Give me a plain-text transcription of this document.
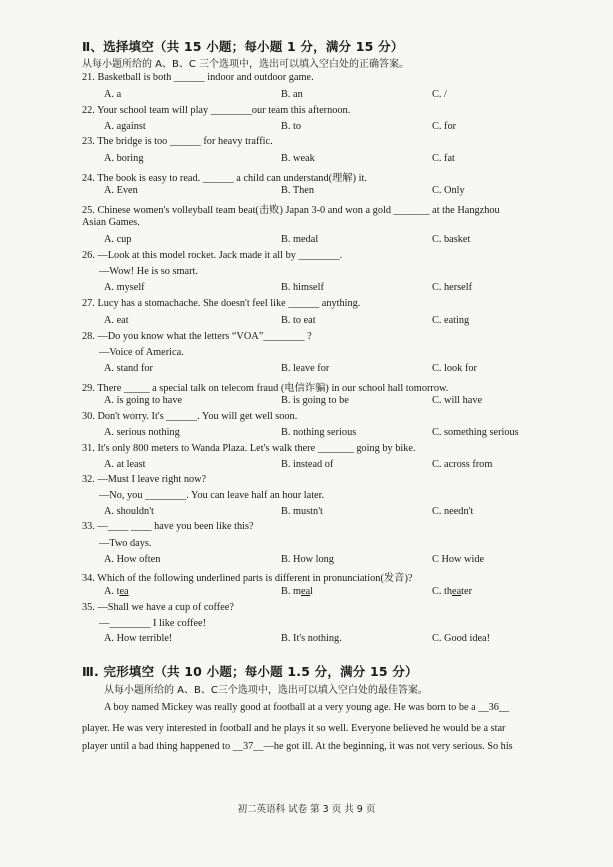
Ⅱ、选择填空（共 15 小题；每小题 1 分，满分 15 分）
从每小题所给的 A、B、C 三个选项中，选出可以填入空白处的正确答案。
21. Basketball is both ______ indoor and outdoor game.
A. a	B. an	C. /
22. Your school team will play ________our team this afternoon.
A. against	B. to	C. for
23. The bridge is too ______ for heavy traffic.
A. boring	B. weak	C. fat
24. The book is easy to read. ______ a child can understand(理解) it.
A. Even	B. Then	C. Only
25. Chinese women's volleyball team beat(击败) Japan 3-0 and won a gold _______ at the Hangzhou
Asian Games.
A. cup	B. medal	C. basket
26. —Look at this model rocket. Jack made it all by ________.
—Wow! He is so smart.
A. myself	B. himself	C. herself
27. Lucy has a stomachache. She doesn't feel like ______ anything.
A. eat	B. to eat	C. eating
28. —Do you know what the letters “VOA”________ ?
—Voice of America.
A. stand for	B. leave for	C. look for
29. There _____ a special talk on telecom fraud (电信诈骗) in our school hall tomorrow.
A. is going to have	B. is going to be	C. will have
30. Don't worry. It's ______. You will get well soon.
A. serious nothing	B. nothing serious	C. something serious
31. It's only 800 meters to Wanda Plaza. Let's walk there _______ going by bike.
A. at least	B. instead of	C. across from
32. —Must I leave right now?
—No, you ________. You can leave half an hour later.
A. shouldn't	B. mustn't	C. needn't
33. —____ ____ have you been like this?
—Two days.
A. How often	B. How long	C How wide
34. Which of the following underlined parts is different in pronunciation(发音)?
A. tea	B. meal	C. theater
35. —Shall we have a cup of coffee?
—________ I like coffee!
A. How terrible!	B. It's nothing.	C. Good idea!
Ⅲ. 完形填空（共 10 小题；每小题 1.5 分，满分 15 分）
从每小题所给的 A、B、C三个选项中，选出可以填入空白处的最佳答案。
A boy named Mickey was really good at football at a very young age. He was born to be a __36__
player. He was very interested in football and he plays it so well. Everyone believed he would be a star
player until a bad thing happened to __37__—he got ill. At the beginning, it was not very serious. So his
初二英语科 试卷 第 3 页 共 9 页
